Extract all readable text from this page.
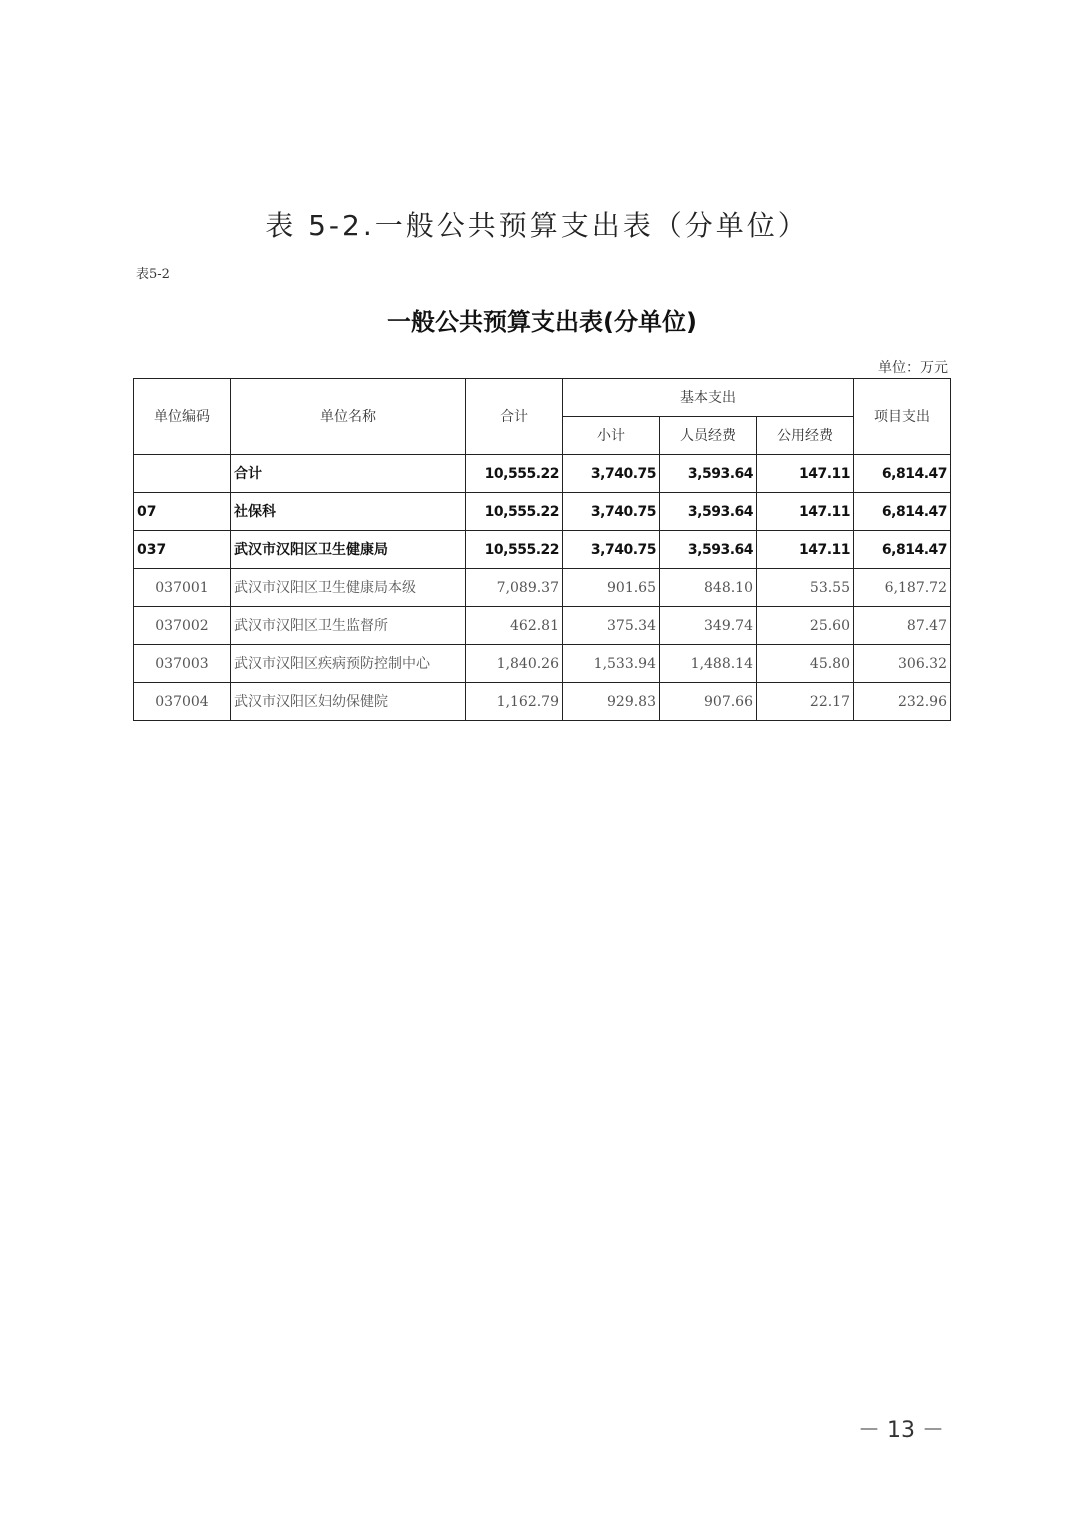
表 5-2.一般公共预算支出表（分单位）
表5-2
一般公共预算支出表(分单位)
单位：万元
单位编码	单位名称	合计	基本支出			项目支出
			小计	人员经费	公用经费	
	合计	10,555.22	3,740.75	3,593.64	147.11	6,814.47
07	社保科	10,555.22	3,740.75	3,593.64	147.11	6,814.47
037	武汉市汉阳区卫生健康局	10,555.22	3,740.75	3,593.64	147.11	6,814.47
037001	武汉市汉阳区卫生健康局本级	7,089.37	901.65	848.10	53.55	6,187.72
037002	武汉市汉阳区卫生监督所	462.81	375.34	349.74	25.60	87.47
037003	武汉市汉阳区疾病预防控制中心	1,840.26	1,533.94	1,488.14	45.80	306.32
037004	武汉市汉阳区妇幼保健院	1,162.79	929.83	907.66	22.17	232.96
－ 13 －
